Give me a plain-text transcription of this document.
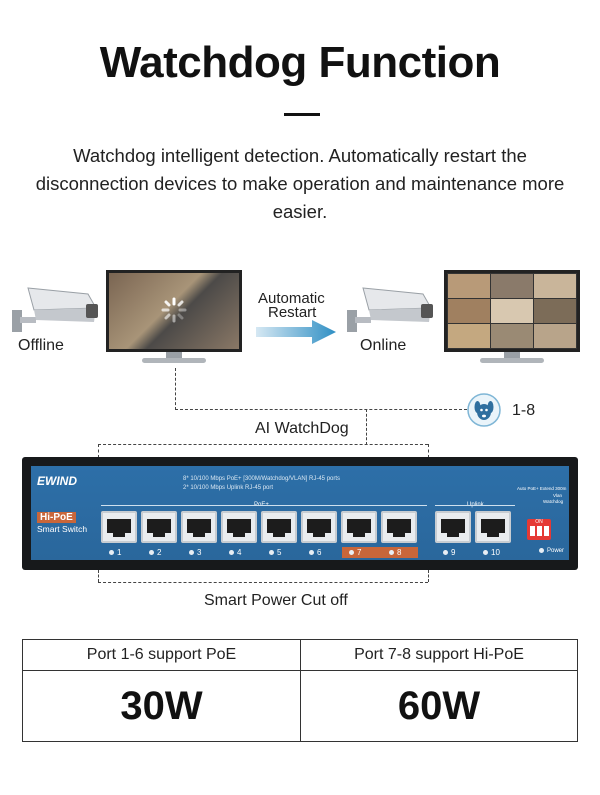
Watchdog Function
Watchdog intelligent detection. Automatically restart the disconnection devices to make operation and maintenance more easier.
Offline
Automatic
Restart
Online
1-8
AI WatchDog
EWIND	8* 10/100 Mbps PoE+ [300M/Watchdog/VLAN] RJ-45 ports
2* 10/100 Mbps Uplink RJ-45 port
Hi-PoE
Smart Switch
PoE+	Uplink
1	2	3	4	5	6	7	8	9	10
Auto PoE+ Extend 300m
Vlan
Watchdog
ON
Power
Smart Power Cut off
Port 1-6 support PoE	Port 7-8 support Hi-PoE
30W	60W
